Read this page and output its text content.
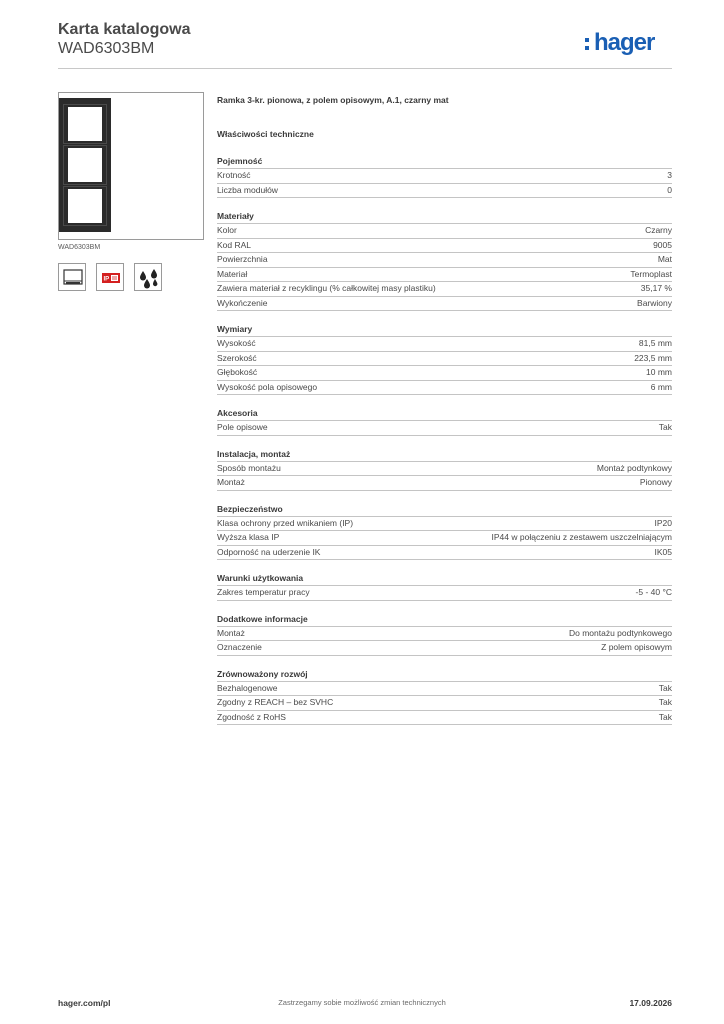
Karta katalogowa
WAD6303BM	hager
WAD6303BM
IP
Ramka 3-kr. pionowa, z polem opisowym, A.1, czarny mat
Właściwości techniczne
Pojemność
Krotność	3
Liczba modułów	0
Materiały
Kolor	Czarny
Kod RAL	9005
Powierzchnia	Mat
Materiał	Termoplast
Zawiera materiał z recyklingu (% całkowitej masy plastiku)	35,17 %
Wykończenie	Barwiony
Wymiary
Wysokość	81,5 mm
Szerokość	223,5 mm
Głębokość	10 mm
Wysokość pola opisowego	6 mm
Akcesoria
Pole opisowe	Tak
Instalacja, montaż
Sposób montażu	Montaż podtynkowy
Montaż	Pionowy
Bezpieczeństwo
Klasa ochrony przed wnikaniem (IP)	IP20
Wyższa klasa IP	IP44 w połączeniu z zestawem uszczelniającym
Odporność na uderzenie IK	IK05
Warunki użytkowania
Zakres temperatur pracy	-5 - 40 °C
Dodatkowe informacje
Montaż	Do montażu podtynkowego
Oznaczenie	Z polem opisowym
Zrównoważony rozwój
Bezhalogenowe	Tak
Zgodny z REACH – bez SVHC	Tak
Zgodność z RoHS	Tak
hager.com/pl	Zastrzegamy sobie możliwość zmian technicznych	17.09.2026
